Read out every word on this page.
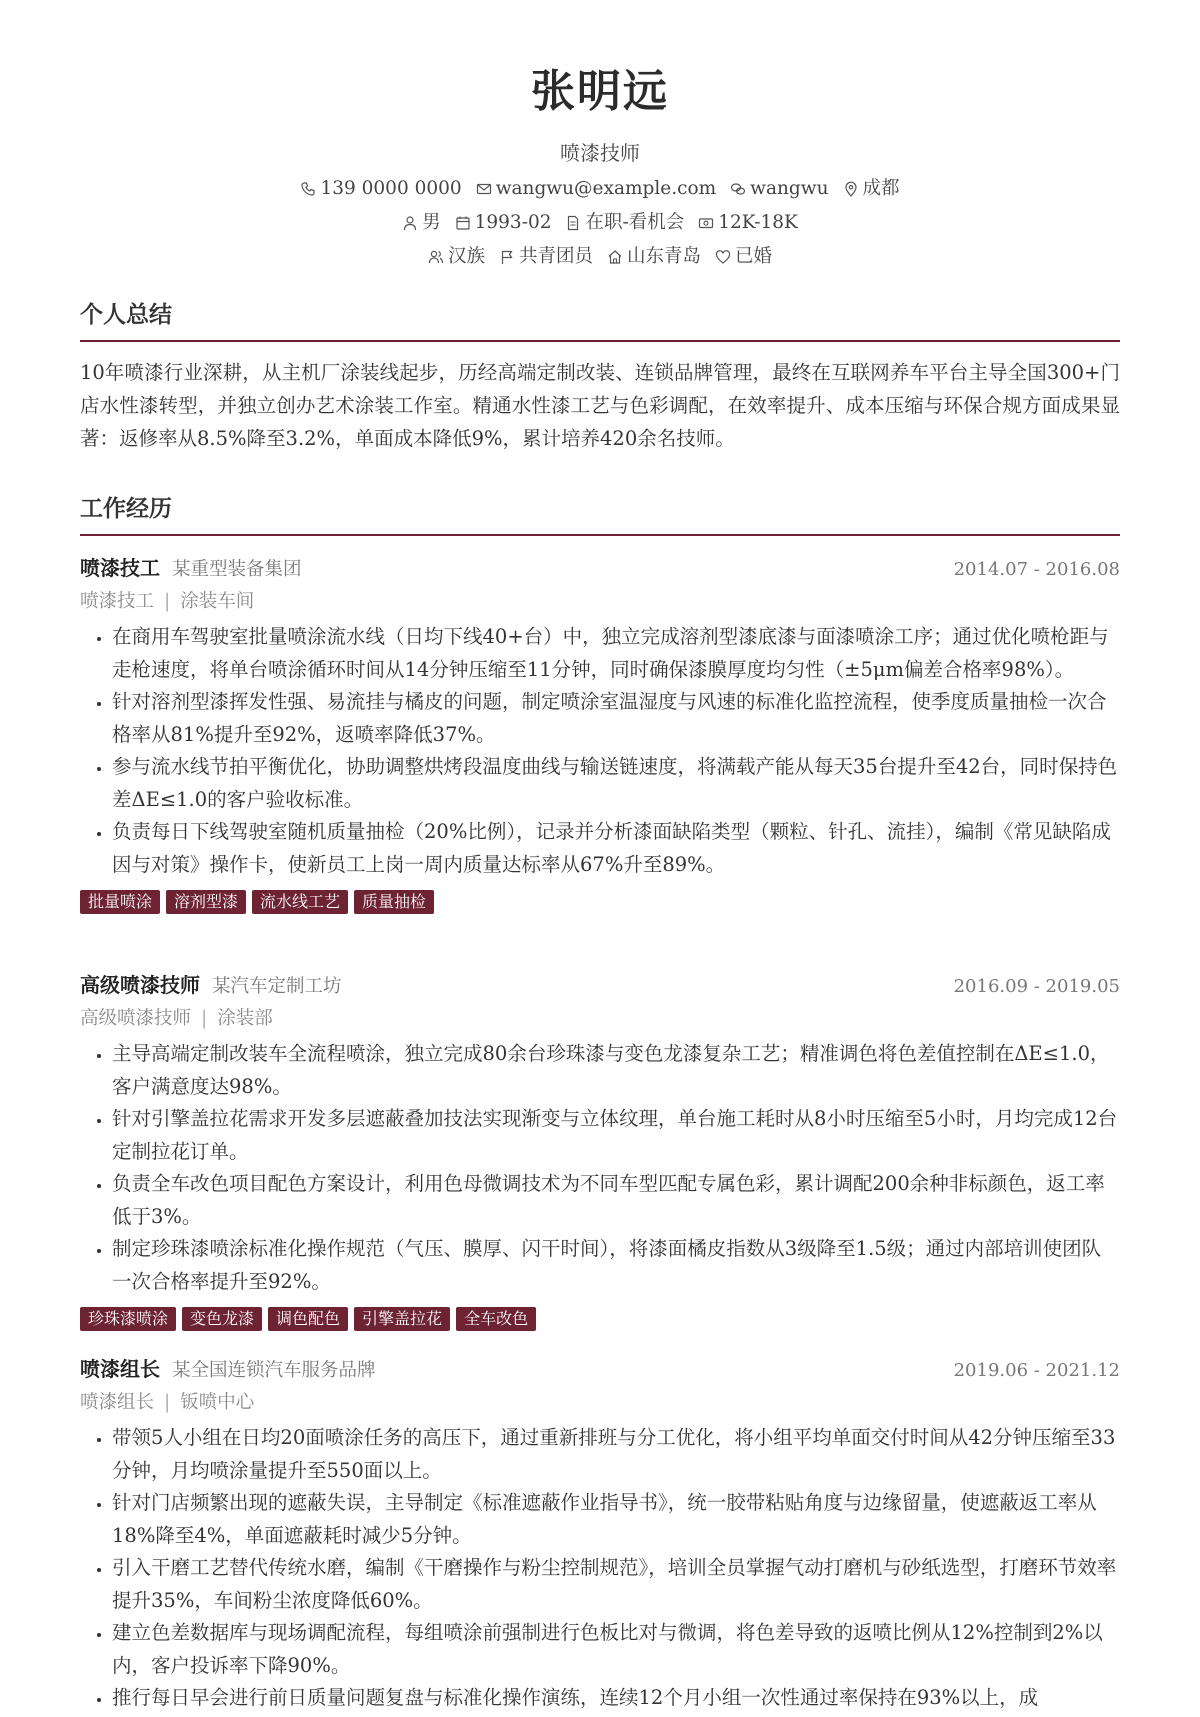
张明远
喷漆技师
139 0000 0000 wangwu@example.com wangwu 成都
男 1993-02 在职-看机会 12K-18K
汉族 共青团员 山东青岛 已婚
个人总结
10年喷漆行业深耕，从主机厂涂装线起步，历经高端定制改装、连锁品牌管理，最终在互联网养车平台主导全国300+门店水性漆转型，并独立创办艺术涂装工作室。精通水性漆工艺与色彩调配，在效率提升、成本压缩与环保合规方面成果显著：返修率从8.5%降至3.2%，单面成本降低9%，累计培养420余名技师。
工作经历
喷漆技工 某重型装备集团	2014.07 - 2016.08
喷漆技工 | 涂装车间
• 在商用车驾驶室批量喷涂流水线（日均下线40+台）中，独立完成溶剂型漆底漆与面漆喷涂工序；通过优化喷枪距与走枪速度，将单台喷涂循环时间从14分钟压缩至11分钟，同时确保漆膜厚度均匀性（±5μm偏差合格率98%）。
• 针对溶剂型漆挥发性强、易流挂与橘皮的问题，制定喷涂室温湿度与风速的标准化监控流程，使季度质量抽检一次合格率从81%提升至92%，返喷率降低37%。
• 参与流水线节拍平衡优化，协助调整烘烤段温度曲线与输送链速度，将满载产能从每天35台提升至42台，同时保持色差ΔE≤1.0的客户验收标准。
• 负责每日下线驾驶室随机质量抽检（20%比例），记录并分析漆面缺陷类型（颗粒、针孔、流挂），编制《常见缺陷成因与对策》操作卡，使新员工上岗一周内质量达标率从67%升至89%。
批量喷涂	溶剂型漆	流水线工艺	质量抽检
高级喷漆技师 某汽车定制工坊	2016.09 - 2019.05
高级喷漆技师 | 涂装部
• 主导高端定制改装车全流程喷涂，独立完成80余台珍珠漆与变色龙漆复杂工艺；精准调色将色差值控制在ΔE≤1.0，客户满意度达98%。
• 针对引擎盖拉花需求开发多层遮蔽叠加技法实现渐变与立体纹理，单台施工耗时从8小时压缩至5小时，月均完成12台定制拉花订单。
• 负责全车改色项目配色方案设计，利用色母微调技术为不同车型匹配专属色彩，累计调配200余种非标颜色，返工率低于3%。
• 制定珍珠漆喷涂标准化操作规范（气压、膜厚、闪干时间），将漆面橘皮指数从3级降至1.5级；通过内部培训使团队一次合格率提升至92%。
珍珠漆喷涂	变色龙漆	调色配色	引擎盖拉花	全车改色
喷漆组长 某全国连锁汽车服务品牌	2019.06 - 2021.12
喷漆组长 | 钣喷中心
• 带领5人小组在日均20面喷涂任务的高压下，通过重新排班与分工优化，将小组平均单面交付时间从42分钟压缩至33分钟，月均喷涂量提升至550面以上。
• 针对门店频繁出现的遮蔽失误，主导制定《标准遮蔽作业指导书》，统一胶带粘贴角度与边缘留量，使遮蔽返工率从18%降至4%，单面遮蔽耗时减少5分钟。
• 引入干磨工艺替代传统水磨，编制《干磨操作与粉尘控制规范》，培训全员掌握气动打磨机与砂纸选型，打磨环节效率提升35%，车间粉尘浓度降低60%。
• 建立色差数据库与现场调配流程，每组喷涂前强制进行色板比对与微调，将色差导致的返喷比例从12%控制到2%以内，客户投诉率下降90%。
• 推行每日早会进行前日质量问题复盘与标准化操作演练，连续12个月小组一次性通过率保持在93%以上，成
